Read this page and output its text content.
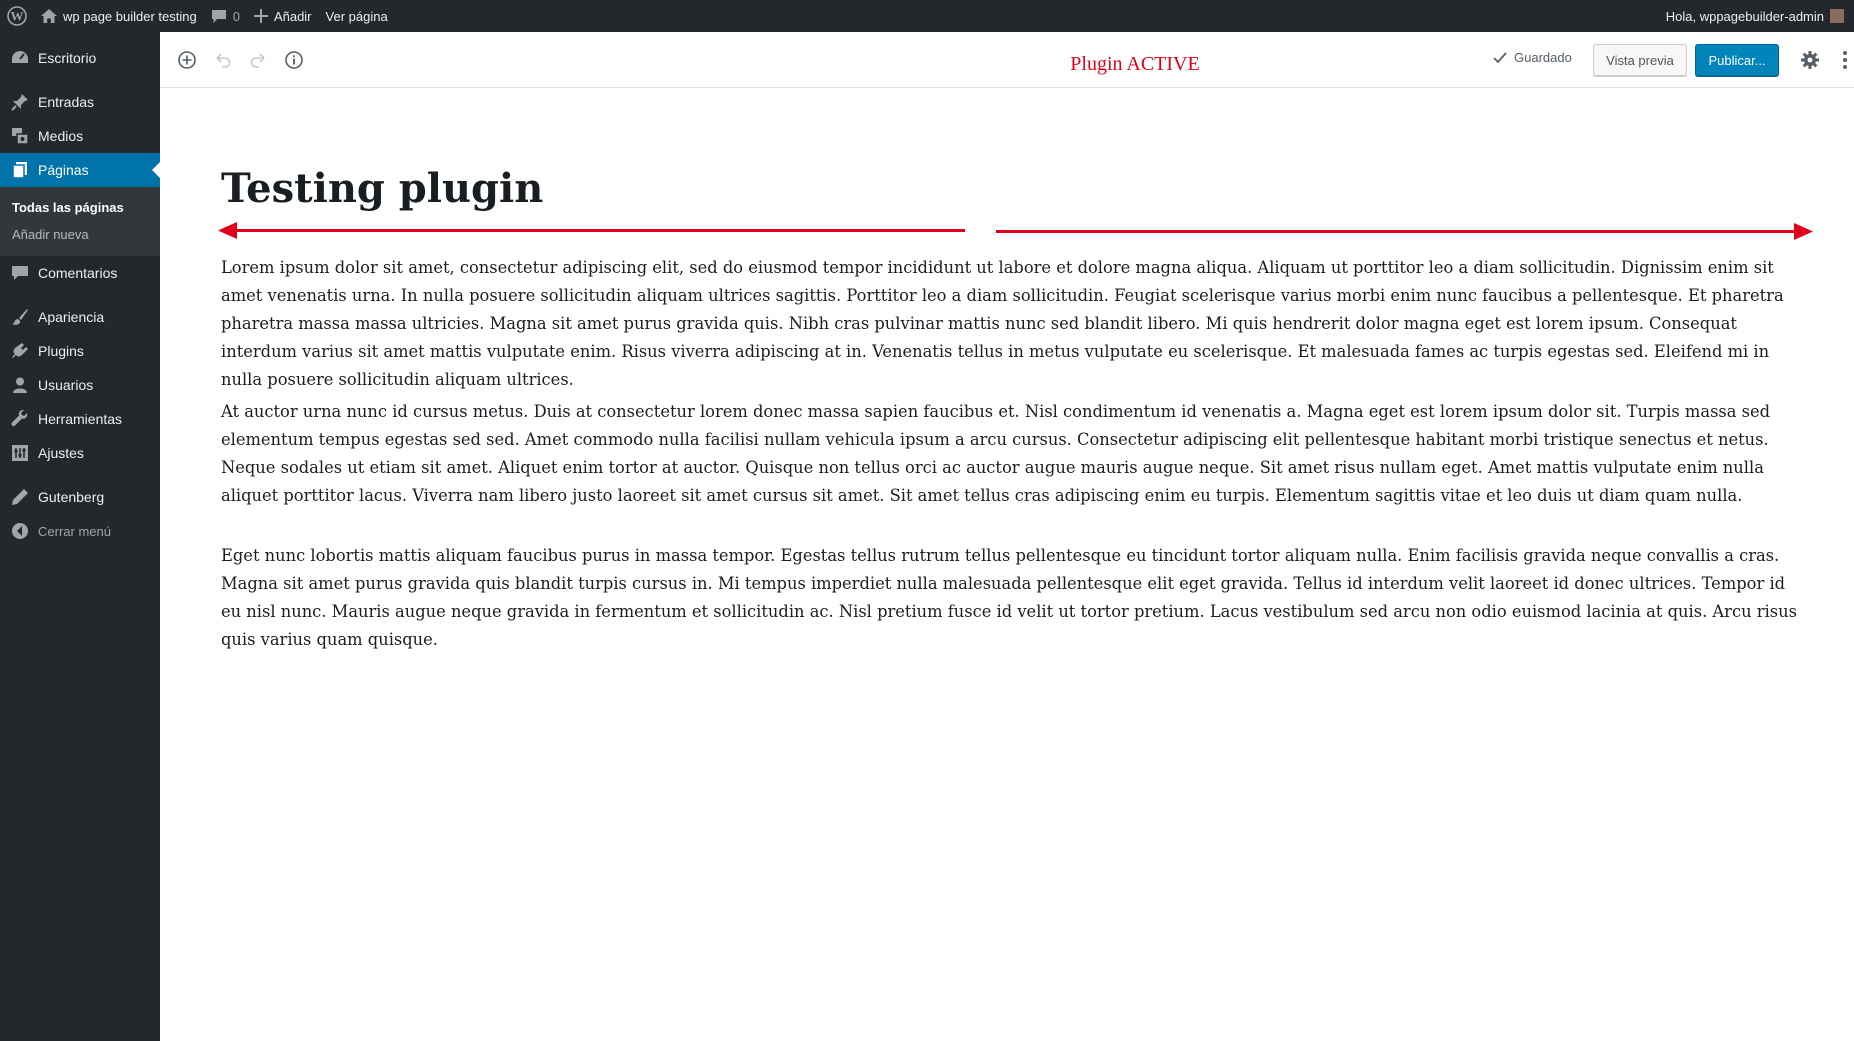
W	wp page builder testing	0	Añadir Ver página	Hola, wppagebuilder-admin
Escritorio
Entradas
Medios
Páginas
Todas las páginas
Añadir nueva
Comentarios
Apariencia
Plugins
Usuarios
Herramientas
Ajustes
Gutenberg
Cerrar menú
Plugin ACTIVE	Guardado	Vista previa	Publicar...
Testing plugin

Lorem ipsum dolor sit amet, consectetur adipiscing elit, sed do eiusmod tempor incididunt ut labore et dolore magna aliqua. Aliquam ut porttitor leo a diam sollicitudin. Dignissim enim sit amet venenatis urna. In nulla posuere sollicitudin aliquam ultrices sagittis. Porttitor leo a diam sollicitudin. Feugiat scelerisque varius morbi enim nunc faucibus a pellentesque. Et pharetra pharetra massa massa ultricies. Magna sit amet purus gravida quis. Nibh cras pulvinar mattis nunc sed blandit libero. Mi quis hendrerit dolor magna eget est lorem ipsum. Consequat interdum varius sit amet mattis vulputate enim. Risus viverra adipiscing at in. Venenatis tellus in metus vulputate eu scelerisque. Et malesuada fames ac turpis egestas sed. Eleifend mi in nulla posuere sollicitudin aliquam ultrices.

At auctor urna nunc id cursus metus. Duis at consectetur lorem donec massa sapien faucibus et. Nisl condimentum id venenatis a. Magna eget est lorem ipsum dolor sit. Turpis massa sed elementum tempus egestas sed sed. Amet commodo nulla facilisi nullam vehicula ipsum a arcu cursus. Consectetur adipiscing elit pellentesque habitant morbi tristique senectus et netus. Neque sodales ut etiam sit amet. Aliquet enim tortor at auctor. Quisque non tellus orci ac auctor augue mauris augue neque. Sit amet risus nullam eget. Amet mattis vulputate enim nulla aliquet porttitor lacus. Viverra nam libero justo laoreet sit amet cursus sit amet. Sit amet tellus cras adipiscing enim eu turpis. Elementum sagittis vitae et leo duis ut diam quam nulla.

Eget nunc lobortis mattis aliquam faucibus purus in massa tempor. Egestas tellus rutrum tellus pellentesque eu tincidunt tortor aliquam nulla. Enim facilisis gravida neque convallis a cras. Magna sit amet purus gravida quis blandit turpis cursus in. Mi tempus imperdiet nulla malesuada pellentesque elit eget gravida. Tellus id interdum velit laoreet id donec ultrices. Tempor id eu nisl nunc. Mauris augue neque gravida in fermentum et sollicitudin ac. Nisl pretium fusce id velit ut tortor pretium. Lacus vestibulum sed arcu non odio euismod lacinia at quis. Arcu risus quis varius quam quisque.
